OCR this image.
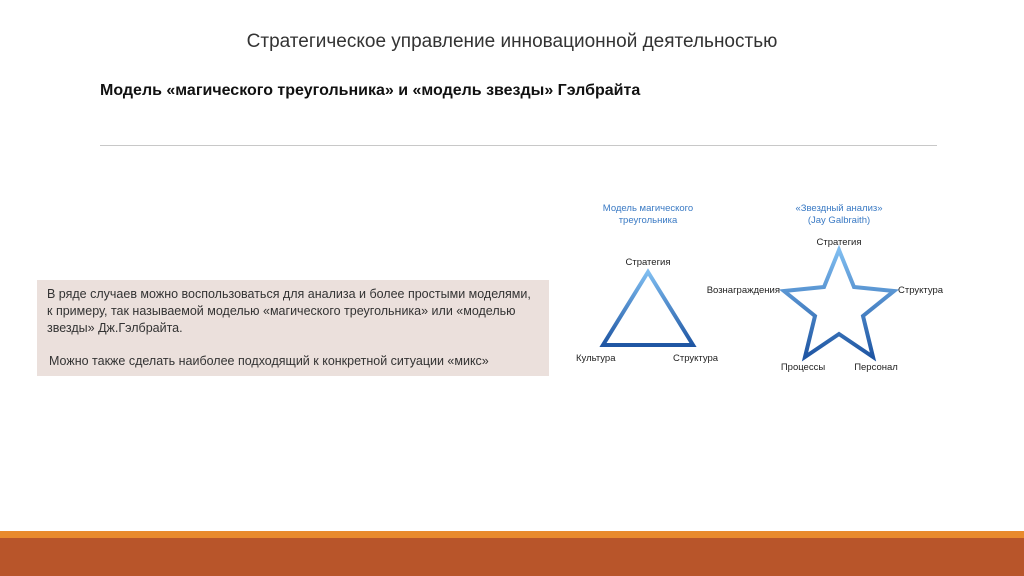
Стратегическое управление инновационной деятельностью
Модель «магического треугольника» и «модель звезды» Гэлбрайта

В ряде случаев можно воспользоваться для анализа и более простыми моделями, к примеру, так называемой моделью «магического треугольника» или «моделью звезды» Дж.Гэлбрайта.

Можно также сделать наиболее подходящий к конкретной ситуации «микс»

Модель магического
треугольника
Стратегия
Культура	Структура
«Звездный анализ»
(Jay Galbraith)
Стратегия
Вознаграждения	Структура
Процессы	Персонал
